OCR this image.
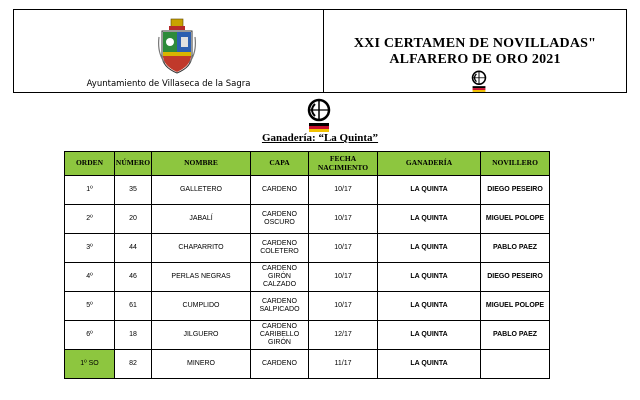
Ayuntamiento de Villaseca de la Sagra
XXI CERTAMEN DE NOVILLADAS"
ALFARERO DE ORO 2021
Ganadería: “La Quinta”
ORDEN	NÚMERO	NOMBRE	CAPA	FECHA NACIMIENTO	GANADERÍA	NOVILLERO
1º	35	GALLETERO	CARDENO	10/17	LA QUINTA	DIEGO PESEIRO
2º	20	JABALÍ	CARDENO OSCURO	10/17	LA QUINTA	MIGUEL POLOPE
3º	44	CHAPARRITO	CARDENO COLETERO	10/17	LA QUINTA	PABLO PAEZ
4º	46	PERLAS NEGRAS	CARDENO GIRÓN CALZADO	10/17	LA QUINTA	DIEGO PESEIRO
5º	61	CUMPLIDO	CARDENO SALPICADO	10/17	LA QUINTA	MIGUEL POLOPE
6º	18	JILGUERO	CARDENO CARIBELLO GIRÓN	12/17	LA QUINTA	PABLO PAEZ
1º SO	82	MINERO	CARDENO	11/17	LA QUINTA	
